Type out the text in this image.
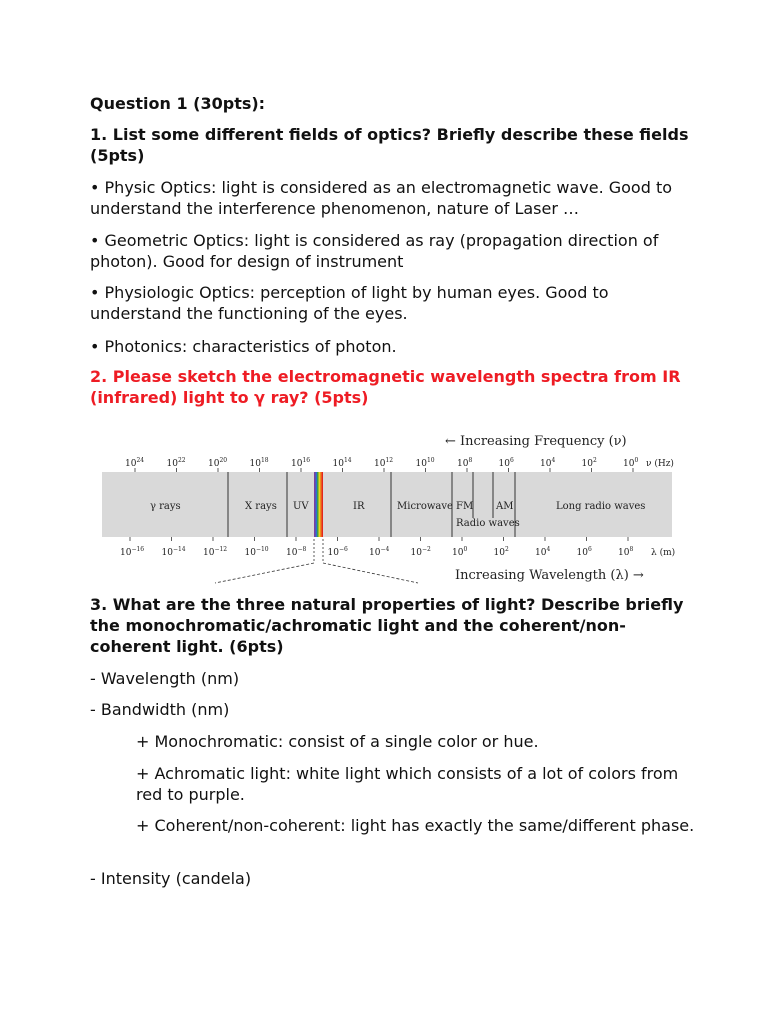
Question 1 (30pts):

1. List some different fields of optics? Briefly describe these fields (5pts)

• Physic Optics: light is considered as an electromagnetic wave. Good to understand the interference phenomenon, nature of Laser …

• Geometric Optics: light is considered as ray (propagation direction of photon). Good for design of instrument

• Physiologic Optics: perception of light by human eyes. Good to understand the functioning of the eyes.

• Photonics: characteristics of photon.

2. Please sketch the electromagnetic wavelength spectra from IR (infrared) light to γ ray? (5pts)

← Increasing Frequency (ν)
$10^{24}$ $10^{22}$ $10^{20}$ $10^{18}$ $10^{16}$ $10^{14}$ $10^{12}$ $10^{10}$ $10^8$	$10^6$	$10^4$	$10^2$	$10^0$ ν (Hz)
γ rays	X rays UV	IR	Microwave FM AM	Long radio waves
Radio waves
$10^{-16}$ $10^{-14}$ $10^{-12}$ $10^{-10}$ $10^{-8}$ $10^{-6}$ $10^{-4}$ $10^{-2}$ $10^0$	$10^2$	$10^4$	$10^6$	$10^8$ λ (m)
Increasing Wavelength (λ) →

3. What are the three natural properties of light? Describe briefly the monochromatic/achromatic light and the coherent/non-coherent light. (6pts)

- Wavelength (nm)

- Bandwidth (nm)

+ Monochromatic: consist of a single color or hue.

+ Achromatic light: white light which consists of a lot of colors from red to purple.

+ Coherent/non-coherent: light has exactly the same/different phase.

- Intensity (candela)
